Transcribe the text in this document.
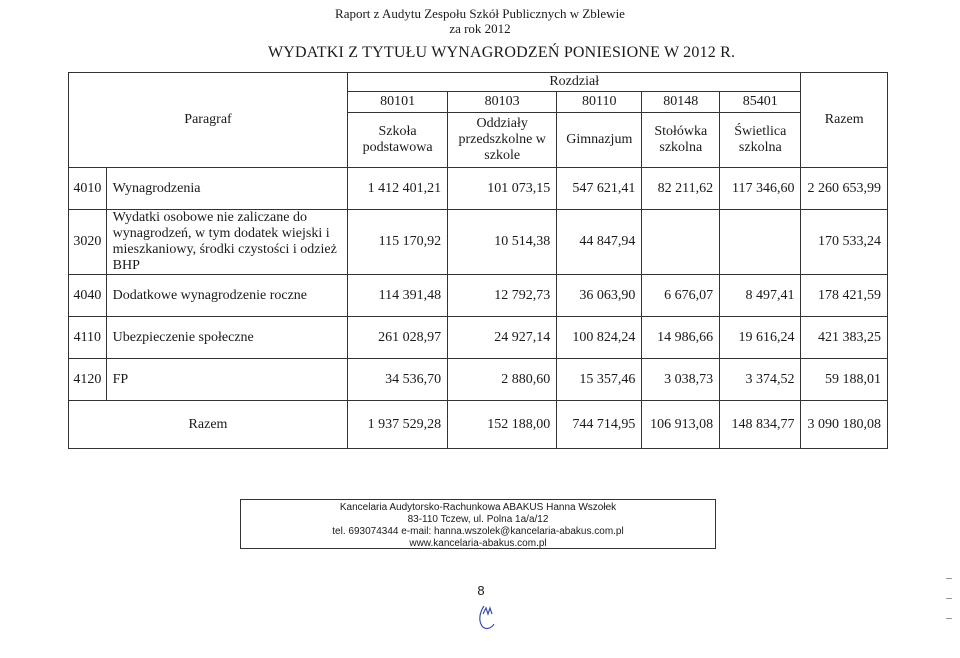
Raport z Audytu Zespołu Szkół Publicznych w Zblewie
za rok 2012
WYDATKI Z TYTUŁU WYNAGRODZEŃ PONIESIONE W 2012 R.
Paragraf		Rozdział					Razem
		80101	80103	80110	80148	85401	
		Szkoła podstawowa	Oddziały przedszkolne w szkole	Gimnazjum	Stołówka szkolna	Świetlica szkolna	
4010	Wynagrodzenia	1 412 401,21	101 073,15	547 621,41	82 211,62	117 346,60	2 260 653,99
3020	Wydatki osobowe nie zaliczane do wynagrodzeń, w tym dodatek wiejski i mieszkaniowy, środki czystości i odzież BHP	115 170,92	10 514,38	44 847,94			170 533,24
4040	Dodatkowe wynagrodzenie roczne	114 391,48	12 792,73	36 063,90	6 676,07	8 497,41	178 421,59
4110	Ubezpieczenie społeczne	261 028,97	24 927,14	100 824,24	14 986,66	19 616,24	421 383,25
4120	FP	34 536,70	2 880,60	15 357,46	3 038,73	3 374,52	59 188,01
Razem		1 937 529,28	152 188,00	744 714,95	106 913,08	148 834,77	3 090 180,08
Kancelaria Audytorsko-Rachunkowa ABAKUS Hanna Wszołek
83-110 Tczew, ul. Polna 1a/a/12
tel. 693074344 e-mail: hanna.wszolek@kancelaria-abakus.com.pl
www.kancelaria-abakus.com.pl
8
